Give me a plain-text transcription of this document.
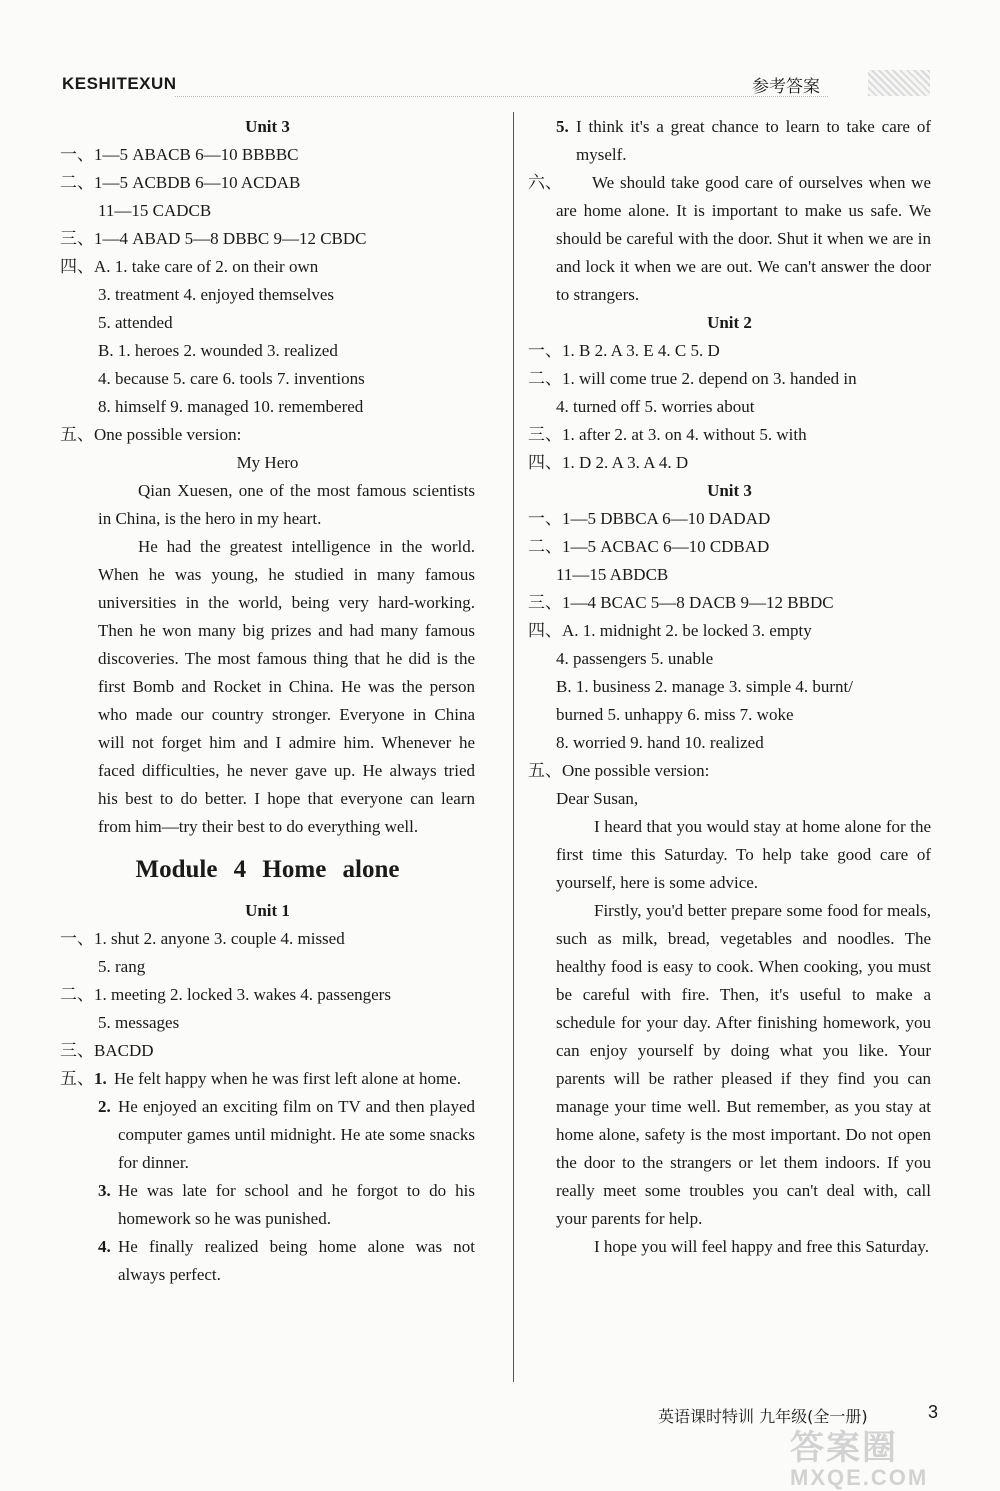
KESHITEXUN	参考答案
Unit 3
一、1—5 ABACB 6—10 BBBBC
二、1—5 ACBDB 6—10 ACDAB
11—15 CADCB
三、1—4 ABAD 5—8 DBBC 9—12 CBDC
四、A. 1. take care of 2. on their own
3. treatment 4. enjoyed themselves
5. attended
B. 1. heroes 2. wounded 3. realized
4. because 5. care 6. tools 7. inventions
8. himself 9. managed 10. remembered
五、One possible version:
My Hero
Qian Xuesen, one of the most famous scientists in China, is the hero in my heart.
He had the greatest intelligence in the world. When he was young, he studied in many famous universities in the world, being very hard-working. Then he won many big prizes and had many famous discoveries. The most famous thing that he did is the first Bomb and Rocket in China. He was the person who made our country stronger. Everyone in China will not forget him and I admire him. Whenever he faced difficulties, he never gave up. He always tried his best to do better. I hope that everyone can learn from him—try their best to do everything well.
Module 4 Home alone
Unit 1
一、1. shut 2. anyone 3. couple 4. missed
5. rang
二、1. meeting 2. locked 3. wakes 4. passengers
5. messages
三、BACDD
五、 1. He felt happy when he was first left alone at home.
2. He enjoyed an exciting film on TV and then played computer games until midnight. He ate some snacks for dinner.
3. He was late for school and he forgot to do his homework so he was punished.
4. He finally realized being home alone was not always perfect.
5. I think it's a great chance to learn to take care of myself.
六、	We should take good care of ourselves when we are home alone. It is important to make us safe. We should be careful with the door. Shut it when we are in and lock it when we are out. We can't answer the door to strangers.
Unit 2
一、1. B 2. A 3. E 4. C 5. D
二、1. will come true 2. depend on 3. handed in
4. turned off 5. worries about
三、1. after 2. at 3. on 4. without 5. with
四、1. D 2. A 3. A 4. D
Unit 3
一、1—5 DBBCA 6—10 DADAD
二、1—5 ACBAC 6—10 CDBAD
11—15 ABDCB
三、1—4 BCAC 5—8 DACB 9—12 BBDC
四、A. 1. midnight 2. be locked 3. empty
4. passengers 5. unable
B. 1. business 2. manage 3. simple 4. burnt/
burned 5. unhappy 6. miss 7. woke
8. worried 9. hand 10. realized
五、One possible version:
Dear Susan,
I heard that you would stay at home alone for the first time this Saturday. To help take good care of yourself, here is some advice.
Firstly, you'd better prepare some food for meals, such as milk, bread, vegetables and noodles. The healthy food is easy to cook. When cooking, you must be careful with fire. Then, it's useful to make a schedule for your day. After finishing homework, you can enjoy yourself by doing what you like. Your parents will be rather pleased if they find you can manage your time well. But remember, as you stay at home alone, safety is the most important. Do not open the door to the strangers or let them indoors. If you really meet some troubles you can't deal with, call your parents for help.
I hope you will feel happy and free this Saturday.
英语课时特训 九年级(全一册)	3
答案圈
MXQE.COM
